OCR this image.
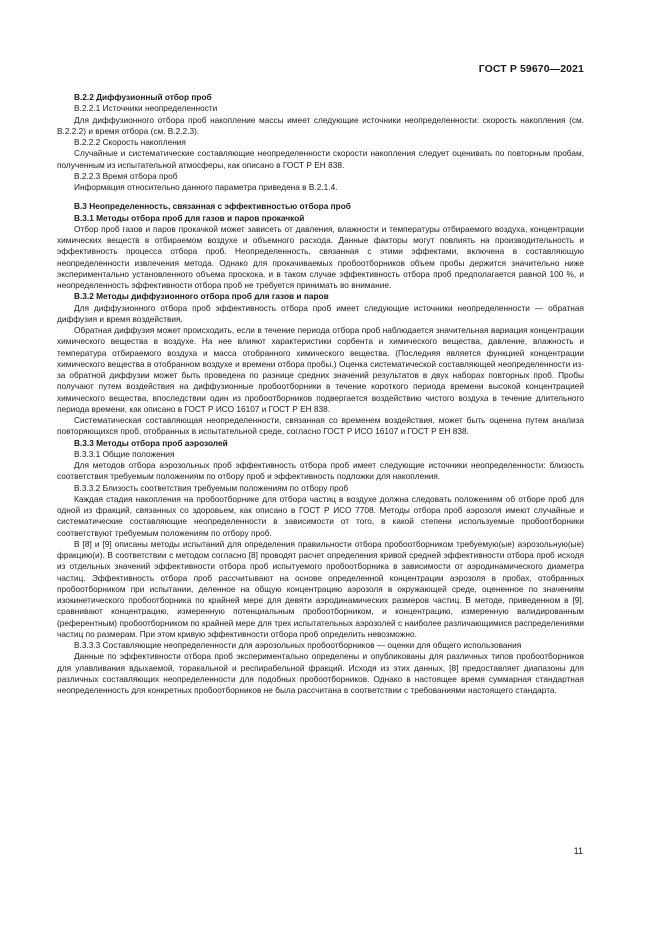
ГОСТ Р 59670—2021

В.2.2 Диффузионный отбор проб

В.2.2.1 Источники неопределенности

Для диффузионного отбора проб накопление массы имеет следующие источники неопределенности: скорость накопления (см. В.2.2.2) и время отбора (см. В.2.2.3).

В.2.2.2 Скорость накопления

Случайные и систематические составляющие неопределенности скорости накопления следует оценивать по повторным пробам, полученным из испытательной атмосферы, как описано в ГОСТ Р ЕН 838.

В.2.2.3 Время отбора проб

Информация относительно данного параметра приведена в В.2.1.4.

В.3 Неопределенность, связанная с эффективностью отбора проб

В.3.1 Методы отбора проб для газов и паров прокачкой

Отбор проб газов и паров прокачкой может зависеть от давления, влажности и температуры отбираемого воздуха, концентрации химических веществ в отбираемом воздухе и объемного расхода. Данные факторы могут повлиять на производительность и эффективность процесса отбора проб. Неопределенность, связанная с этими эффектами, включена в составляющую неопределенности извлечения метода. Однако для прокачиваемых пробоотборников объем пробы держится значительно ниже экспериментально установленного объема проскока, и в таком случае эффективность отбора проб предполагается равной 100 %, и неопределенность эффективности отбора проб не требуется принимать во внимание.

В.3.2 Методы диффузионного отбора проб для газов и паров

Для диффузионного отбора проб эффективность отбора проб имеет следующие источники неопределенности — обратная диффузия и время воздействия.

Обратная диффузия может происходить, если в течение периода отбора проб наблюдается значительная вариация концентрации химического вещества в воздухе. На нее влияют характеристики сорбента и химического вещества, давление, влажность и температура отбираемого воздуха и масса отобранного химического вещества. (Последняя является функцией концентрации химического вещества в отобранном воздухе и времени отбора пробы.) Оценка систематической составляющей неопределенности из-за обратной диффузии может быть проведена по разнице средних значений результатов в двух наборах повторных проб. Пробы получают путем воздействия на диффузионные пробоотборники в течение короткого периода времени высокой концентрацией химического вещества, впоследствии один из пробоотборников подвергается воздействию чистого воздуха в течение длительного периода времени, как описано в ГОСТ Р ИСО 16107 и ГОСТ Р ЕН 838.

Систематическая составляющая неопределенности, связанная со временем воздействия, может быть оценена путем анализа повторяющихся проб, отобранных в испытательной среде, согласно ГОСТ Р ИСО 16107 и ГОСТ Р ЕН 838.

В.3.3 Методы отбора проб аэрозолей

В.3.3.1 Общие положения

Для методов отбора аэрозольных проб эффективность отбора проб имеет следующие источники неопределенности: близость соответствия требуемым положениям по отбору проб и эффективность подложки для накопления.

В.3.3.2 Близость соответствия требуемым положениям по отбору проб

Каждая стадия накопления на пробоотборнике для отбора частиц в воздухе должна следовать положениям об отборе проб для одной из фракций, связанных со здоровьем, как описано в ГОСТ Р ИСО 7708. Методы отбора проб аэрозоля имеют случайные и систематические составляющие неопределенности в зависимости от того, в какой степени используемые пробоотборники соответствуют требуемым положениям по отбору проб.

В [8] и [9] описаны методы испытаний для определения правильности отбора пробоотборником требуемую(ые) аэрозольную(ые) фракцию(и). В соответствии с методом согласно [8] проводят расчет определения кривой средней эффективности отбора проб исходя из отдельных значений эффективности отбора проб испытуемого пробоотборника в зависимости от аэродинамического диаметра частиц. Эффективность отбора проб рассчитывают на основе определенной концентрации аэрозоля в пробах, отобранных пробоотборником при испытании, деленное на общую концентрацию аэрозоля в окружающей среде, оцененное по значениям изокинетического пробоотборника по крайней мере для девяти аэродинамических размеров частиц. В методе, приведенном в [9], сравнивают концентрацию, измеренную потенциальным пробоотборником, и концентрацию, измеренную валидированным (референтным) пробоотборником по крайней мере для трех испытательных аэрозолей с наиболее различающимися распределениями частиц по размерам. При этом кривую эффективности отбора проб определить невозможно.

В.3.3.3 Составляющие неопределенности для аэрозольных пробоотборников — оценки для общего использования

Данные по эффективности отбора проб экспериментально определены и опубликованы для различных типов пробоотборников для улавливания вдыхаемой, торакальной и респирабельной фракций. Исходя из этих данных, [8] предоставляет диапазоны для различных составляющих неопределенности для подобных пробоотборников. Однако в настоящее время суммарная стандартная неопределенность для конкретных пробоотборников не была рассчитана в соответствии с требованиями настоящего стандарта.

11
